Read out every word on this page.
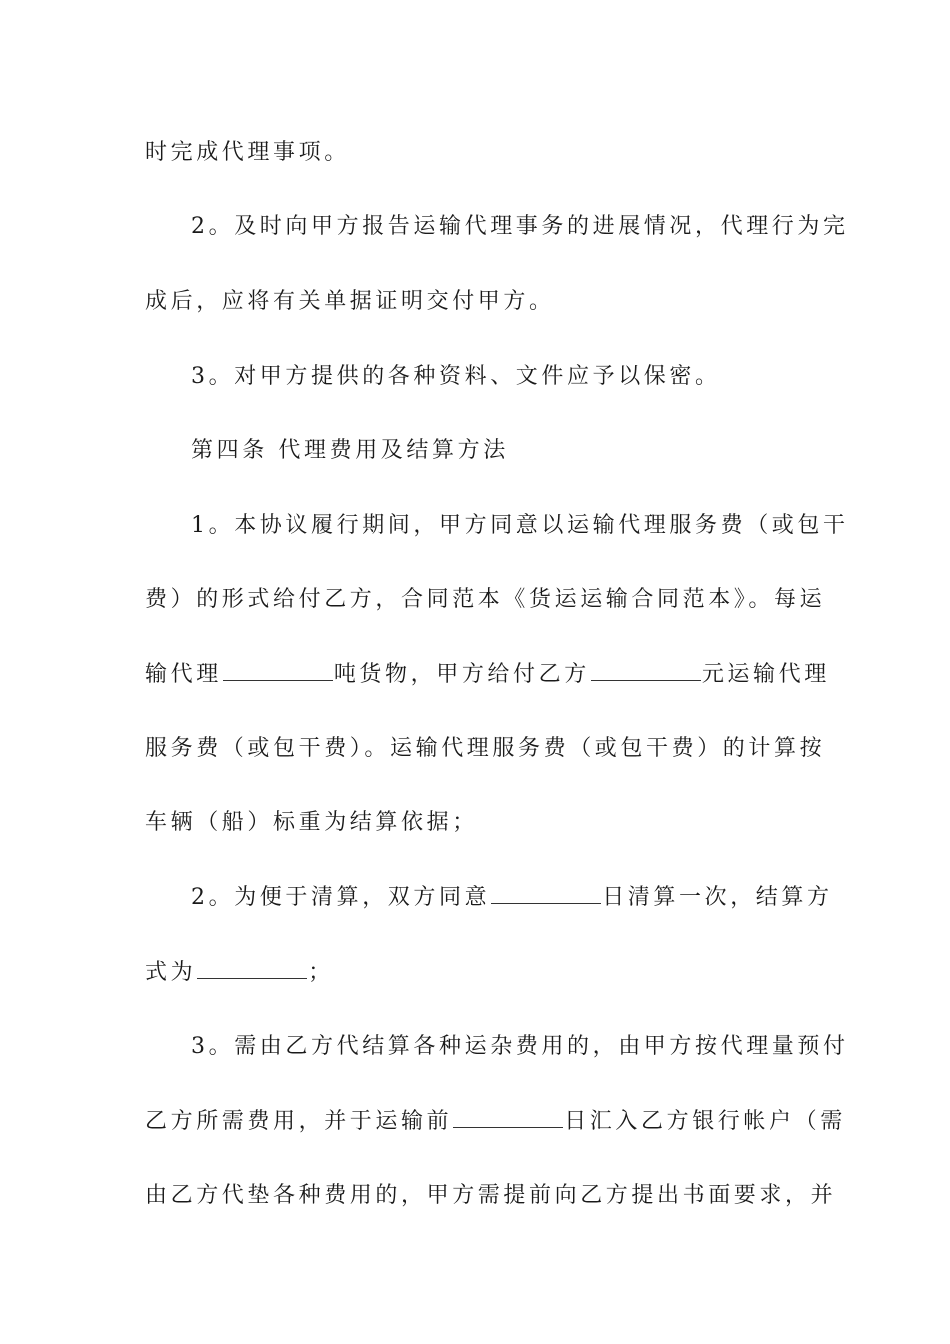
时完成代理事项。
2。及时向甲方报告运输代理事务的进展情况，代理行为完
成后，应将有关单据证明交付甲方。
3。对甲方提供的各种资料、文件应予以保密。
第四条 代理费用及结算方法
1。本协议履行期间，甲方同意以运输代理服务费（或包干
费）的形式给付乙方，合同范本《货运运输合同范本》。每运
输代理	吨货物，甲方给付乙方	元运输代理
服务费（或包干费）。运输代理服务费（或包干费）的计算按
车辆（船）标重为结算依据；
2。为便于清算，双方同意	日清算一次，结算方
式为	；
3。需由乙方代结算各种运杂费用的，由甲方按代理量预付
乙方所需费用，并于运输前	日汇入乙方银行帐户（需
由乙方代垫各种费用的，甲方需提前向乙方提出书面要求，并
